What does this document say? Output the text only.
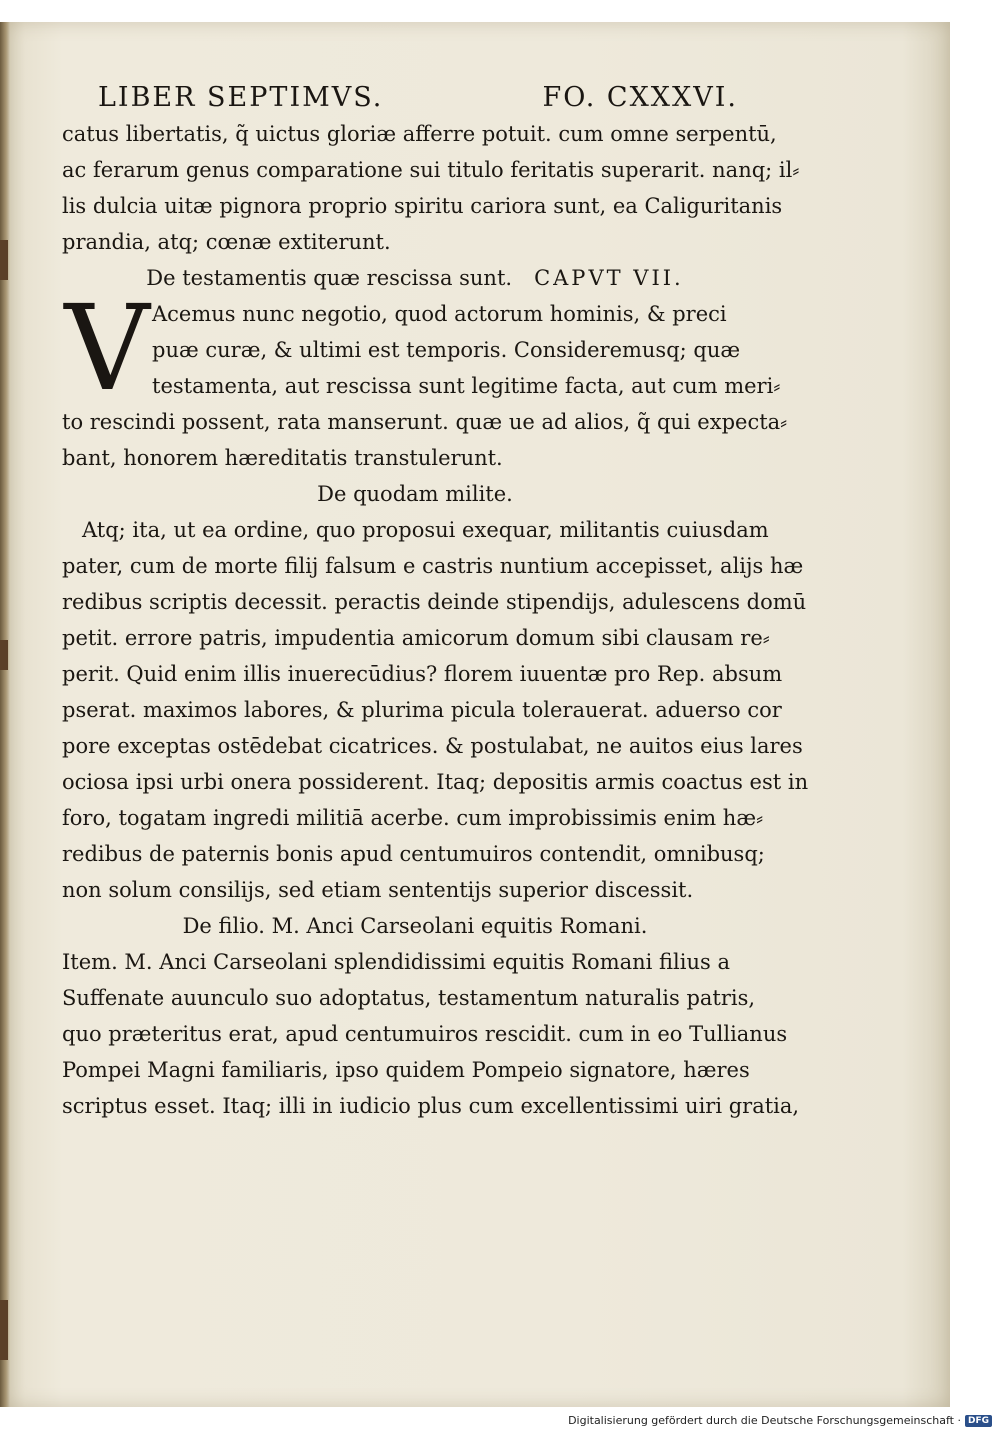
LIBER SEPTIMVS.	FO. CXXXVI.
catus libertatis, q̃ uictus gloriæ afferre potuit. cum omne serpentū,
ac ferarum genus comparatione sui titulo feritatis superarit. nanq; il⸗
lis dulcia uitæ pignora proprio spiritu cariora sunt, ea Caliguritanis
prandia, atq; cœnæ extiterunt.
De testamentis quæ rescissa sunt. CAPVT VII.
V Acemus nunc negotio, quod actorum hominis, & preci
puæ curæ, & ultimi est temporis. Consideremusq; quæ
testamenta, aut rescissa sunt legitime facta, aut cum meri⸗
to rescindi possent, rata manserunt. quæ ue ad alios, q̃ qui expecta⸗
bant, honorem hæreditatis transtulerunt.
De quodam milite.
Atq; ita, ut ea ordine, quo proposui exequar, militantis cuiusdam
pater, cum de morte filij falsum e castris nuntium accepisset, alijs hæ
redibus scriptis decessit. peractis deinde stipendijs, adulescens domū
petit. errore patris, impudentia amicorum domum sibi clausam re⸗
perit. Quid enim illis inuerecūdius? florem iuuentæ pro Rep. absum
pserat. maximos labores, & plurima picula tolerauerat. aduerso cor
pore exceptas ostēdebat cicatrices. & postulabat, ne auitos eius lares
ociosa ipsi urbi onera possiderent. Itaq; depositis armis coactus est in
foro, togatam ingredi militiā acerbe. cum improbissimis enim hæ⸗
redibus de paternis bonis apud centumuiros contendit, omnibusq;
non solum consilijs, sed etiam sententijs superior discessit.
De filio. M. Anci Carseolani equitis Romani.
Item. M. Anci Carseolani splendidissimi equitis Romani filius a
Suffenate auunculo suo adoptatus, testamentum naturalis patris,
quo præteritus erat, apud centumuiros rescidit. cum in eo Tullianus
Pompei Magni familiaris, ipso quidem Pompeio signatore, hæres
scriptus esset. Itaq; illi in iudicio plus cum excellentissimi uiri gratia,
Digitalisierung gefördert durch die Deutsche Forschungsgemeinschaft · DFG
